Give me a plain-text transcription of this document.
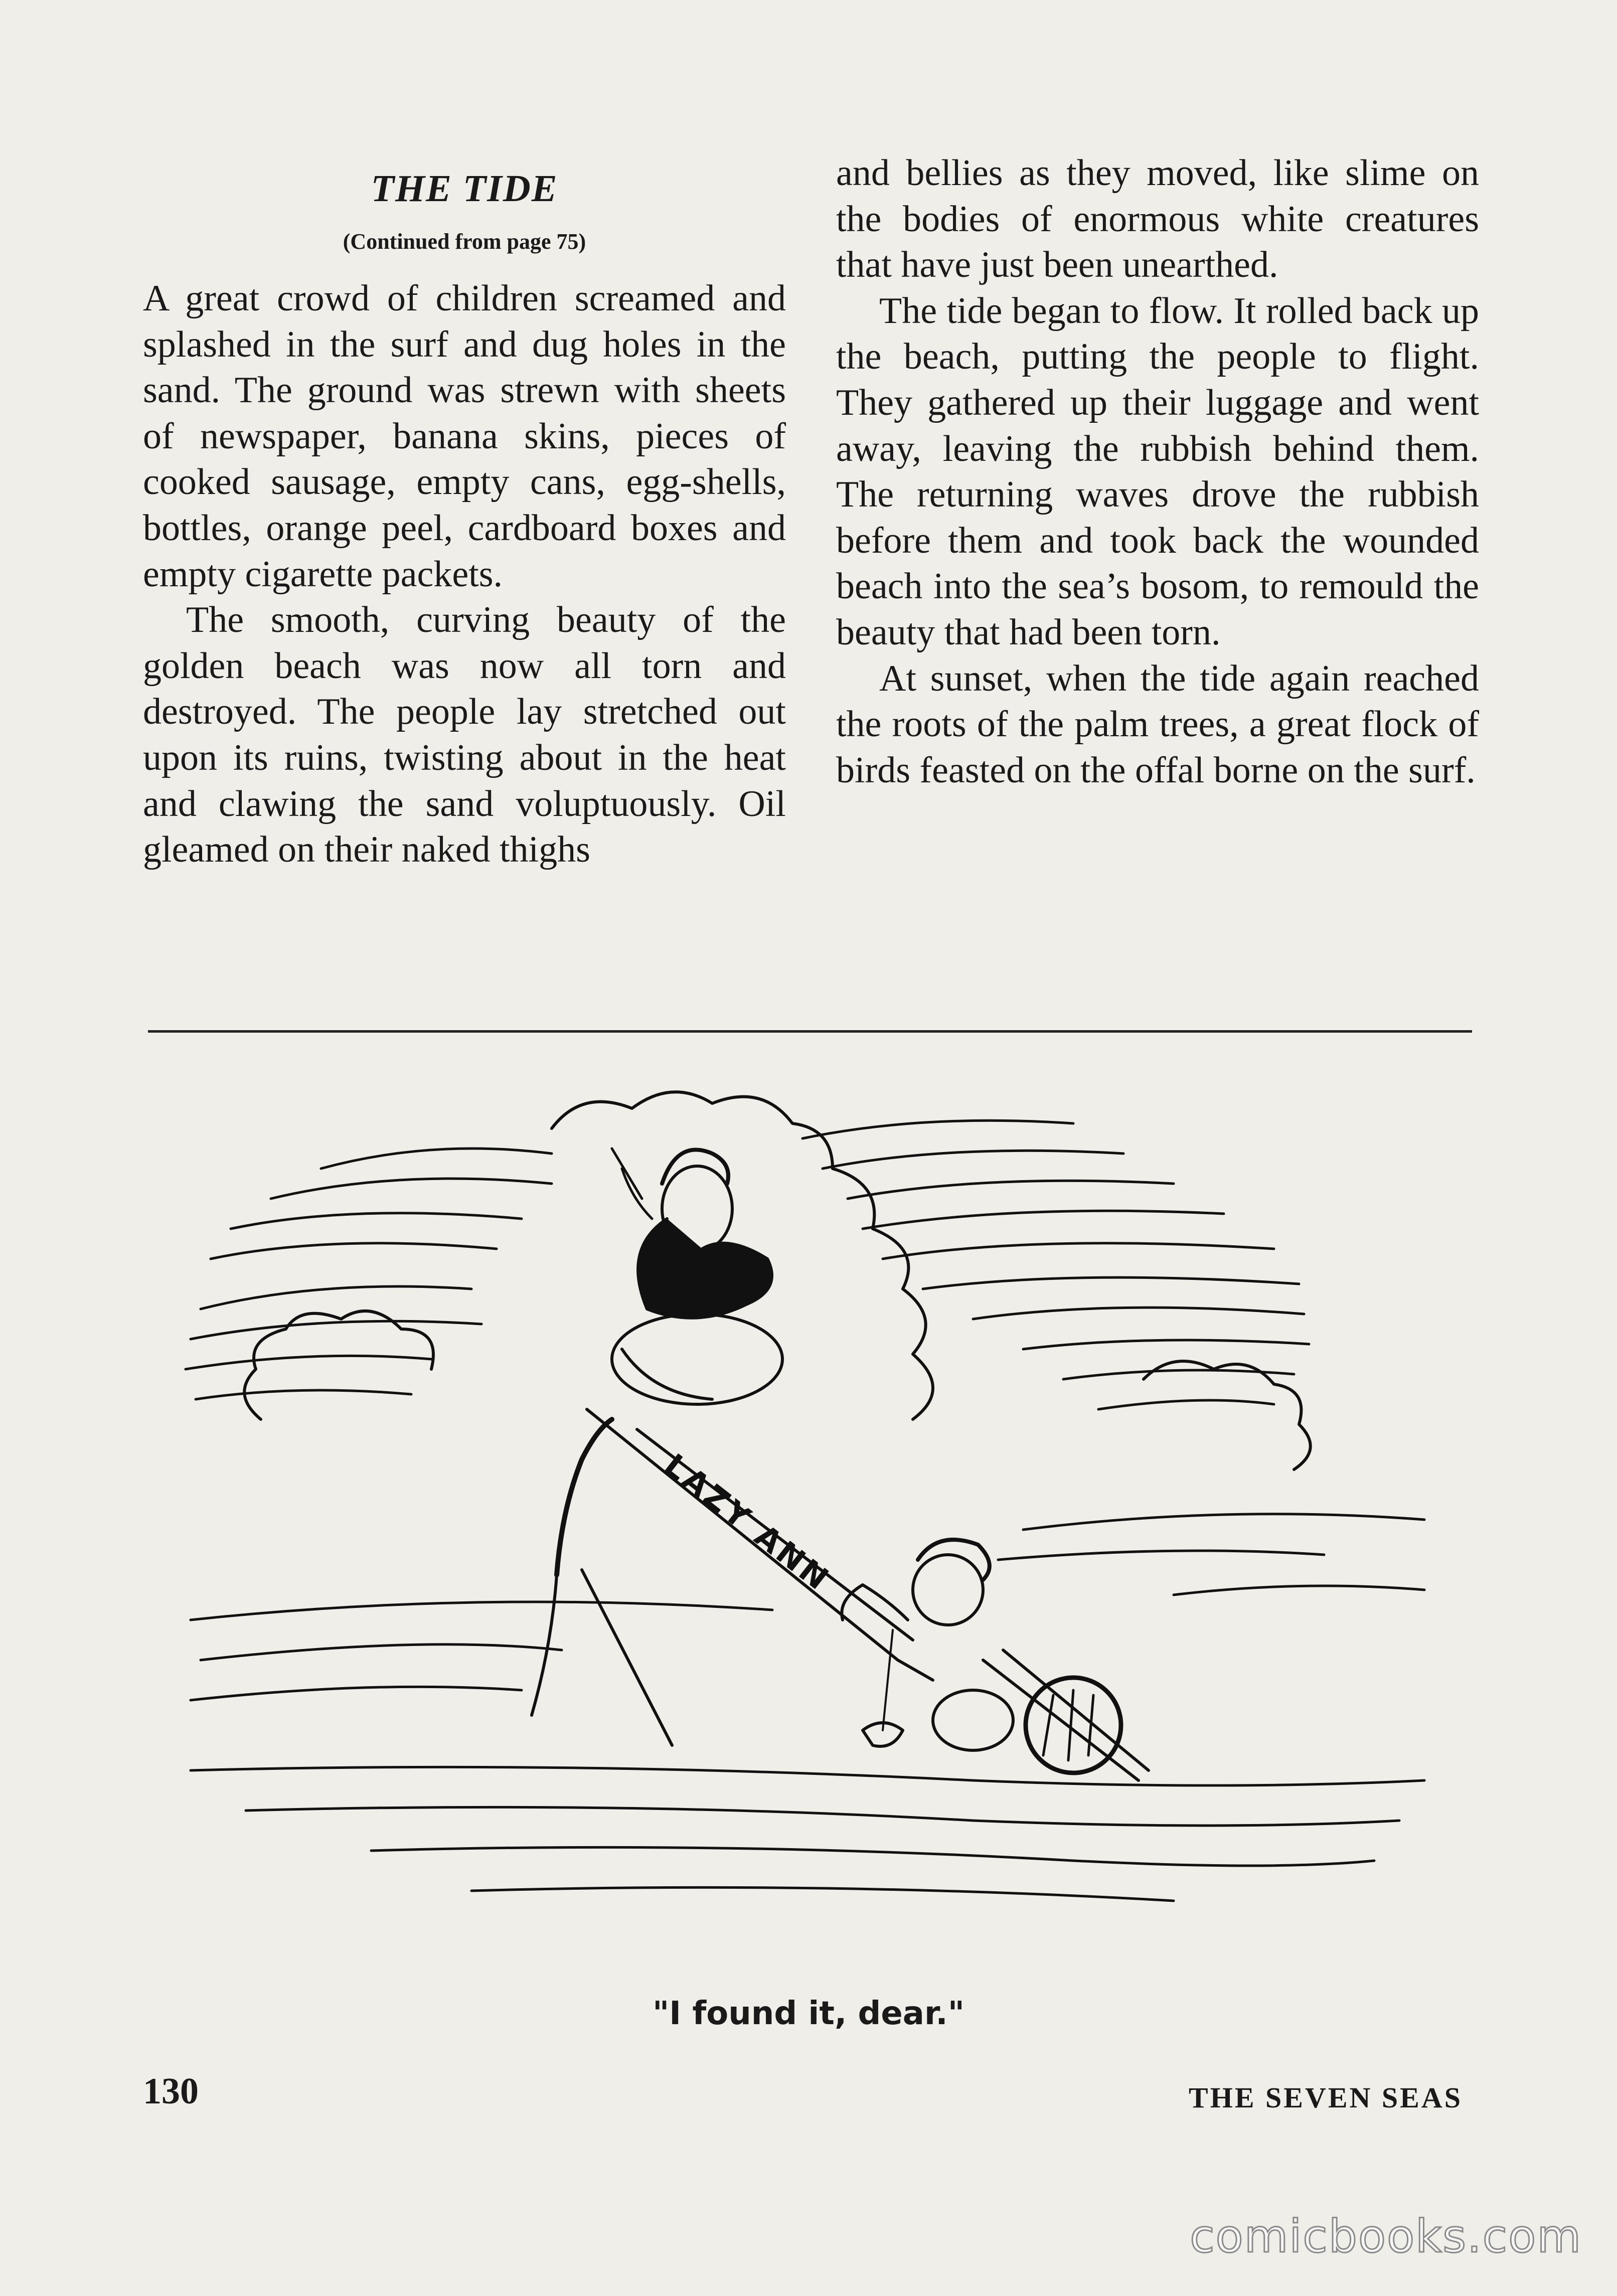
THE TIDE
(Continued from page 75)

A great crowd of children screamed and splashed in the surf and dug holes in the sand. The ground was strewn with sheets of newspaper, banana skins, pieces of cooked sausage, empty cans, egg-shells, bottles, orange peel, cardboard boxes and empty cigarette packets.

The smooth, curving beauty of the golden beach was now all torn and destroyed. The people lay stretched out upon its ruins, twisting about in the heat and clawing the sand voluptuously. Oil gleamed on their naked thighs

and bellies as they moved, like slime on the bodies of enormous white creatures that have just been unearthed.

The tide began to flow. It rolled back up the beach, putting the people to flight. They gathered up their luggage and went away, leaving the rubbish behind them. The returning waves drove the rubbish before them and took back the wounded beach into the sea’s bosom, to remould the beauty that had been torn.

At sunset, when the tide again reached the roots of the palm trees, a great flock of birds feasted on the offal borne on the surf.

LAZY ANN
"I found it, dear."
130	THE SEVEN SEAS
comicbooks.com
